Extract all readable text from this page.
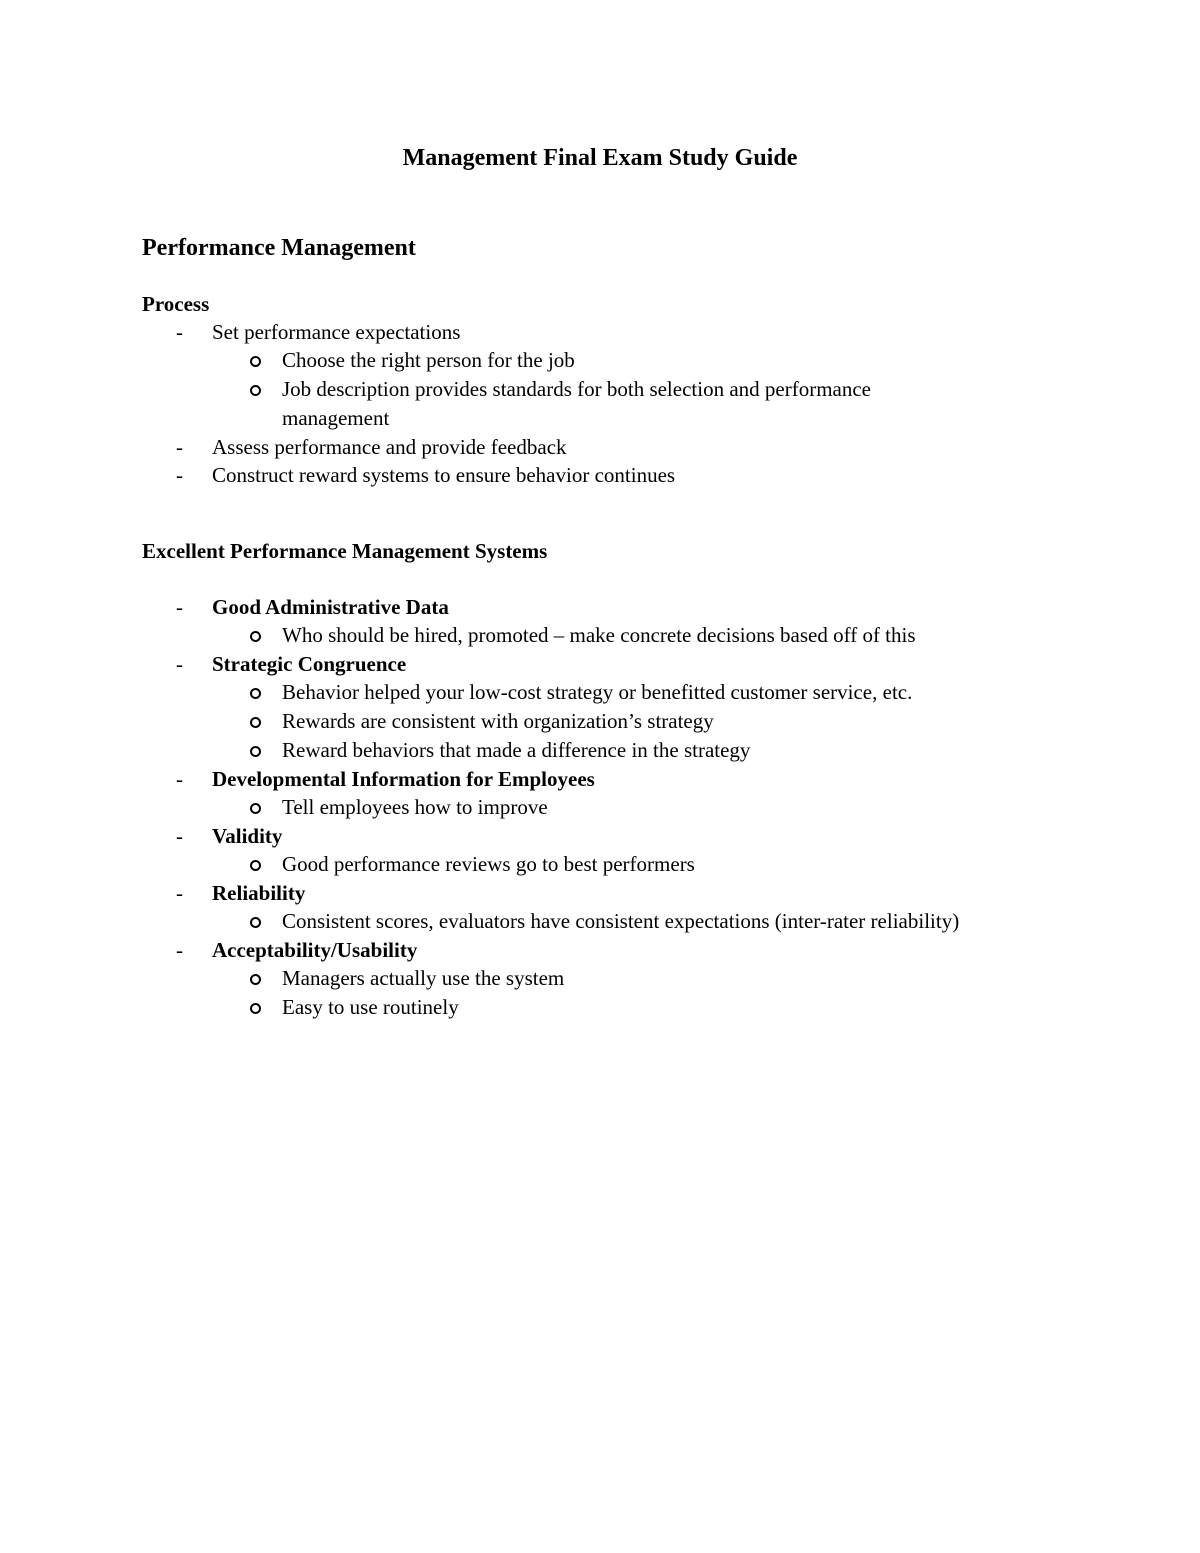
Management Final Exam Study Guide
Performance Management
Process
-	Set performance expectations
Choose the right person for the job
Job description provides standards for both selection and performance management
-	Assess performance and provide feedback
-	Construct reward systems to ensure behavior continues
Excellent Performance Management Systems
-	Good Administrative Data
Who should be hired, promoted – make concrete decisions based off of this
-	Strategic Congruence
Behavior helped your low-cost strategy or benefitted customer service, etc.
Rewards are consistent with organization’s strategy
Reward behaviors that made a difference in the strategy
-	Developmental Information for Employees
Tell employees how to improve
-	Validity
Good performance reviews go to best performers
-	Reliability
Consistent scores, evaluators have consistent expectations (inter-rater reliability)
-	Acceptability/Usability
Managers actually use the system
Easy to use routinely
